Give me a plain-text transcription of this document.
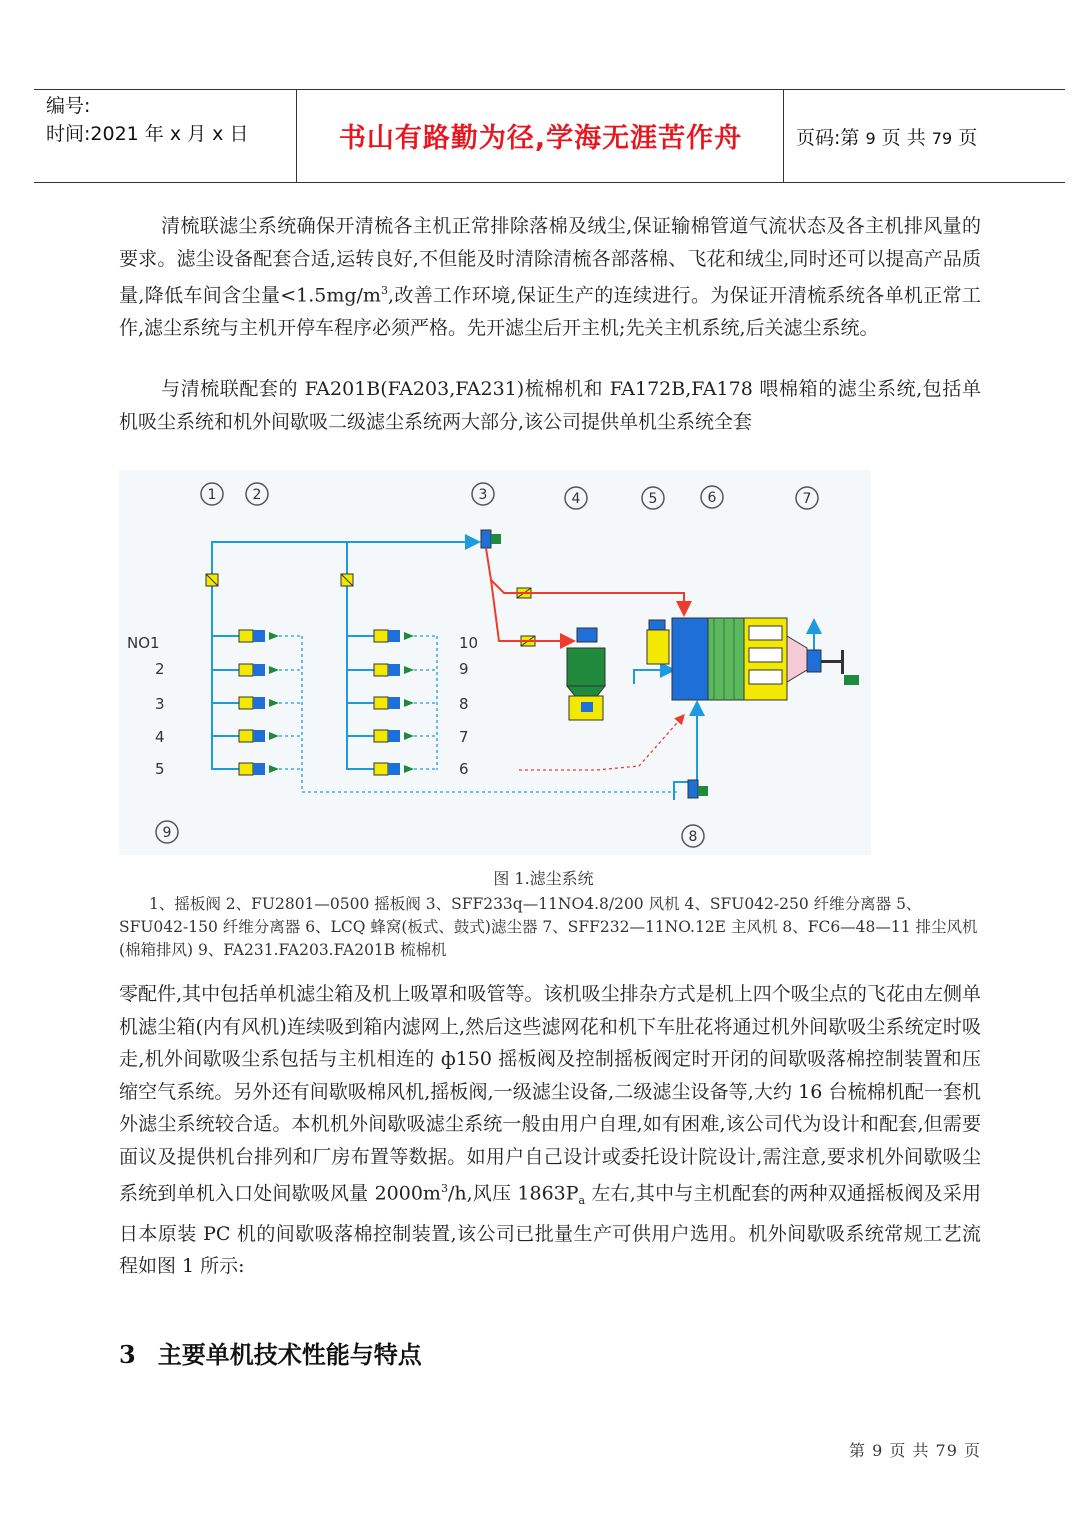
编号:
时间:2021 年 x 月 x 日	书山有路勤为径,学海无涯苦作舟	页码:第 9 页 共 79 页
清梳联滤尘系统确保开清梳各主机正常排除落棉及绒尘,保证输棉管道气流状态及各主机排风量的要求。滤尘设备配套合适,运转良好,不但能及时清除清梳各部落棉、飞花和绒尘,同时还可以提高产品质量,降低车间含尘量$<1.5mg/m^3$,改善工作环境,保证生产的连续进行。为保证开清梳系统各单机正常工作,滤尘系统与主机开停车程序必须严格。先开滤尘后开主机;先关主机系统,后关滤尘系统。
与清梳联配套的 FA201B(FA203,FA231)梳棉机和 FA172B,FA178 喂棉箱的滤尘系统,包括单机吸尘系统和机外间歇吸二级滤尘系统两大部分,该公司提供单机尘系统全套
1	2	3	4	5	6	7
8
9
NO1
2
3
4
5
10
9
8
7
6
图 1.滤尘系统
1、摇板阀 2、FU2801—0500 摇板阀 3、SFF233q—11NO4.8/200 风机 4、SFU042-250 纤维分离器 5、SFU042-150 纤维分离器 6、LCQ 蜂窝(板式、鼓式)滤尘器 7、SFF232—11NO.12E 主风机 8、FC6—48—11 排尘风机(棉箱排风) 9、FA231.FA203.FA201B 梳棉机
零配件,其中包括单机滤尘箱及机上吸罩和吸管等。该机吸尘排杂方式是机上四个吸尘点的飞花由左侧单机滤尘箱(内有风机)连续吸到箱内滤网上,然后这些滤网花和机下车肚花将通过机外间歇吸尘系统定时吸走,机外间歇吸尘系包括与主机相连的 ф150 摇板阀及控制摇板阀定时开闭的间歇吸落棉控制装置和压缩空气系统。另外还有间歇吸棉风机,摇板阀,一级滤尘设备,二级滤尘设备等,大约 16 台梳棉机配一套机外滤尘系统较合适。本机机外间歇吸滤尘系统一般由用户自理,如有困难,该公司代为设计和配套,但需要面议及提供机台排列和厂房布置等数据。如用户自己设计或委托设计院设计,需注意,要求机外间歇吸尘系统到单机入口处间歇吸风量 $2000m^3/h$,风压 $1863P_a$ 左右,其中与主机配套的两种双通摇板阀及采用日本原装 PC 机的间歇吸落棉控制装置,该公司已批量生产可供用户选用。机外间歇吸系统常规工艺流程如图 1 所示:
3 主要单机技术性能与特点
第 9 页 共 79 页
